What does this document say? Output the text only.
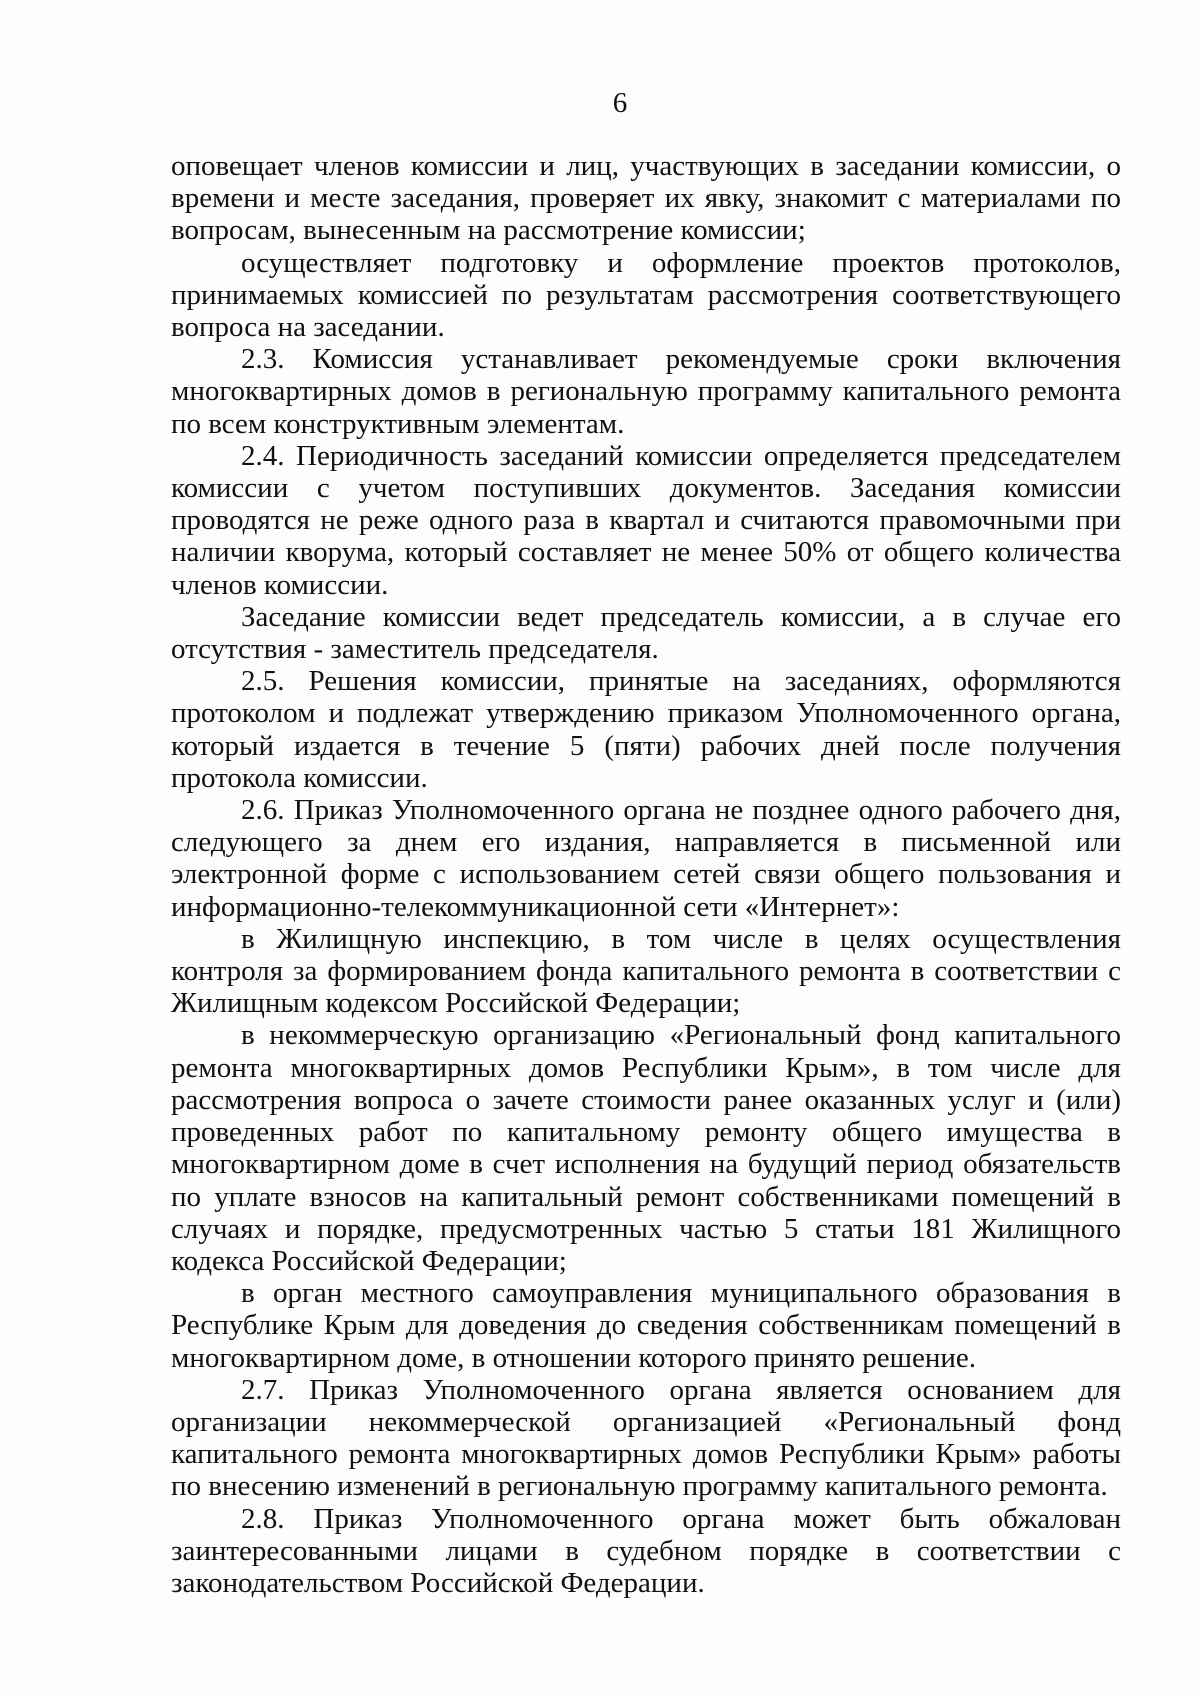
6

оповещает членов комиссии и лиц, участвующих в заседании комиссии, о времени и месте заседания, проверяет их явку, знакомит с материалами по вопросам, вынесенным на рассмотрение комиссии;

осуществляет подготовку и оформление проектов протоколов, принимаемых комиссией по результатам рассмотрения соответствующего вопроса на заседании.

2.3. Комиссия устанавливает рекомендуемые сроки включения многоквартирных домов в региональную программу капитального ремонта по всем конструктивным элементам.

2.4. Периодичность заседаний комиссии определяется председателем комиссии с учетом поступивших документов. Заседания комиссии проводятся не реже одного раза в квартал и считаются правомочными при наличии кворума, который составляет не менее 50% от общего количества членов комиссии.

Заседание комиссии ведет председатель комиссии, а в случае его отсутствия - заместитель председателя.

2.5. Решения комиссии, принятые на заседаниях, оформляются протоколом и подлежат утверждению приказом Уполномоченного органа, который издается в течение 5 (пяти) рабочих дней после получения протокола комиссии.

2.6. Приказ Уполномоченного органа не позднее одного рабочего дня, следующего за днем его издания, направляется в письменной или электронной форме с использованием сетей связи общего пользования и информационно-телекоммуникационной сети «Интернет»:

в Жилищную инспекцию, в том числе в целях осуществления контроля за формированием фонда капитального ремонта в соответствии с Жилищным кодексом Российской Федерации;

в некоммерческую организацию «Региональный фонд капитального ремонта многоквартирных домов Республики Крым», в том числе для рассмотрения вопроса о зачете стоимости ранее оказанных услуг и (или) проведенных работ по капитальному ремонту общего имущества в многоквартирном доме в счет исполнения на будущий период обязательств по уплате взносов на капитальный ремонт собственниками помещений в случаях и порядке, предусмотренных частью 5 статьи 181 Жилищного кодекса Российской Федерации;

в орган местного самоуправления муниципального образования в Республике Крым для доведения до сведения собственникам помещений в многоквартирном доме, в отношении которого принято решение.

2.7. Приказ Уполномоченного органа является основанием для организации некоммерческой организацией «Региональный фонд капитального ремонта многоквартирных домов Республики Крым» работы по внесению изменений в региональную программу капитального ремонта.

2.8. Приказ Уполномоченного органа может быть обжалован заинтересованными лицами в судебном порядке в соответствии с законодательством Российской Федерации.
